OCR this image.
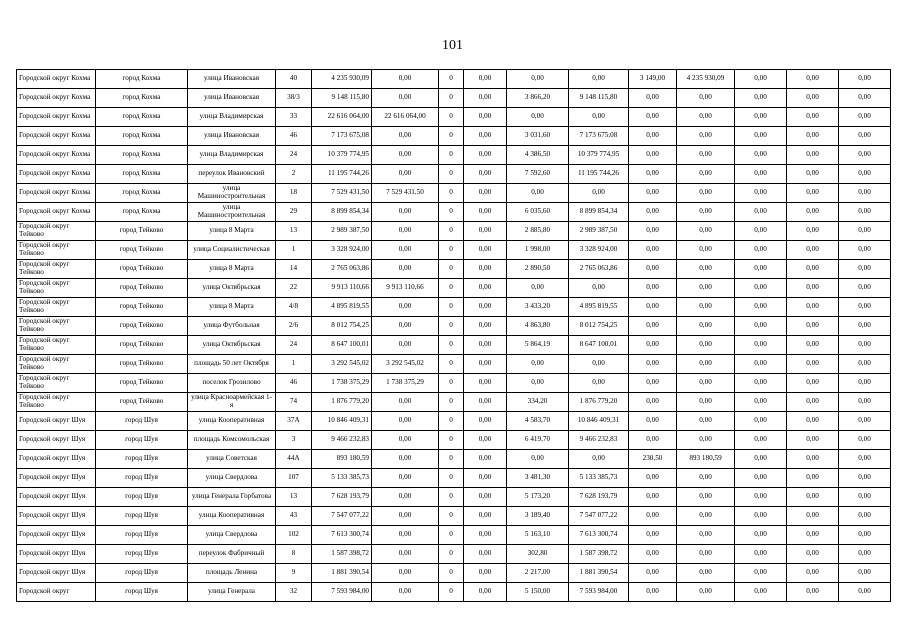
101
Городской округ Кохма	город Кохма	улица Ивановская	40	4 235 930,09	0,00	0	0,00	0,00	0,00	3 149,00	4 235 930,09	0,00	0,00	0,00
Городской округ Кохма	город Кохма	улица Ивановская	38/3	9 148 115,80	0,00	0	0,00	3 866,20	9 148 115,80	0,00	0,00	0,00	0,00	0,00
Городской округ Кохма	город Кохма	улица Владимирская	33	22 616 064,00	22 616 064,00	0	0,00	0,00	0,00	0,00	0,00	0,00	0,00	0,00
Городской округ Кохма	город Кохма	улица Ивановская	46	7 173 675,08	0,00	0	0,00	3 031,60	7 173 675,08	0,00	0,00	0,00	0,00	0,00
Городской округ Кохма	город Кохма	улица Владимирская	24	10 379 774,95	0,00	0	0,00	4 386,50	10 379 774,95	0,00	0,00	0,00	0,00	0,00
Городской округ Кохма	город Кохма	переулок Ивановский	2	11 195 744,26	0,00	0	0,00	7 592,60	11 195 744,26	0,00	0,00	0,00	0,00	0,00
Городской округ Кохма	город Кохма	улица Машиностроительная	18	7 529 431,50	7 529 431,50	0	0,00	0,00	0,00	0,00	0,00	0,00	0,00	0,00
Городской округ Кохма	город Кохма	улица Машиностроительная	29	8 899 854,34	0,00	0	0,00	6 035,60	8 899 854,34	0,00	0,00	0,00	0,00	0,00
Городской округ Тейково	город Тейково	улица 8 Марта	13	2 989 387,50	0,00	0	0,00	2 885,80	2 989 387,50	0,00	0,00	0,00	0,00	0,00
Городской округ Тейково	город Тейково	улица Социалистическая	1	3 328 924,00	0,00	0	0,00	1 998,00	3 328 924,00	0,00	0,00	0,00	0,00	0,00
Городской округ Тейково	город Тейково	улица 8 Марта	14	2 765 063,86	0,00	0	0,00	2 890,50	2 765 063,86	0,00	0,00	0,00	0,00	0,00
Городской округ Тейково	город Тейково	улица Октябрьская	22	9 913 110,66	9 913 110,66	0	0,00	0,00	0,00	0,00	0,00	0,00	0,00	0,00
Городской округ Тейково	город Тейково	улица 8 Марта	4/8	4 895 819,55	0,00	0	0,00	3 433,20	4 895 819,55	0,00	0,00	0,00	0,00	0,00
Городской округ Тейково	город Тейково	улица Футбольная	2/6	8 012 754,25	0,00	0	0,00	4 863,80	8 012 754,25	0,00	0,00	0,00	0,00	0,00
Городской округ Тейково	город Тейково	улица Октябрьская	24	8 647 100,01	0,00	0	0,00	5 864,19	8 647 100,01	0,00	0,00	0,00	0,00	0,00
Городской округ Тейково	город Тейково	площадь 50 лет Октября	1	3 292 545,02	3 292 545,02	0	0,00	0,00	0,00	0,00	0,00	0,00	0,00	0,00
Городской округ Тейково	город Тейково	поселок Грозилово	46	1 738 375,29	1 738 375,29	0	0,00	0,00	0,00	0,00	0,00	0,00	0,00	0,00
Городской округ Тейково	город Тейково	улица Красноармейская 1-я	74	1 876 779,20	0,00	0	0,00	334,20	1 876 779,20	0,00	0,00	0,00	0,00	0,00
Городской округ Шуя	город Шуя	улица Кооперативная	37А	10 846 409,31	0,00	0	0,00	4 583,70	10 846 409,31	0,00	0,00	0,00	0,00	0,00
Городской округ Шуя	город Шуя	площадь Комсомольская	3	9 466 232,83	0,00	0	0,00	6 419,70	9 466 232,83	0,00	0,00	0,00	0,00	0,00
Городской округ Шуя	город Шуя	улица Советская	44А	893 180,59	0,00	0	0,00	0,00	0,00	230,50	893 180,59	0,00	0,00	0,00
Городской округ Шуя	город Шуя	улица Свердлова	107	5 133 385,73	0,00	0	0,00	3 481,30	5 133 385,73	0,00	0,00	0,00	0,00	0,00
Городской округ Шуя	город Шуя	улица Генерала Горбатова	13	7 628 193,79	0,00	0	0,00	5 173,20	7 628 193,79	0,00	0,00	0,00	0,00	0,00
Городской округ Шуя	город Шуя	улица Кооперативная	43	7 547 077,22	0,00	0	0,00	3 189,40	7 547 077,22	0,00	0,00	0,00	0,00	0,00
Городской округ Шуя	город Шуя	улица Свердлова	102	7 613 300,74	0,00	0	0,00	5 163,10	7 613 300,74	0,00	0,00	0,00	0,00	0,00
Городской округ Шуя	город Шуя	переулок Фабричный	8	1 587 398,72	0,00	0	0,00	302,80	1 587 398,72	0,00	0,00	0,00	0,00	0,00
Городской округ Шуя	город Шуя	площадь Ленина	9	1 881 390,54	0,00	0	0,00	2 217,00	1 881 390,54	0,00	0,00	0,00	0,00	0,00
Городской округ	город Шуя	улица Генерала	32	7 593 984,00	0,00	0	0,00	5 150,00	7 593 984,00	0,00	0,00	0,00	0,00	0,00
